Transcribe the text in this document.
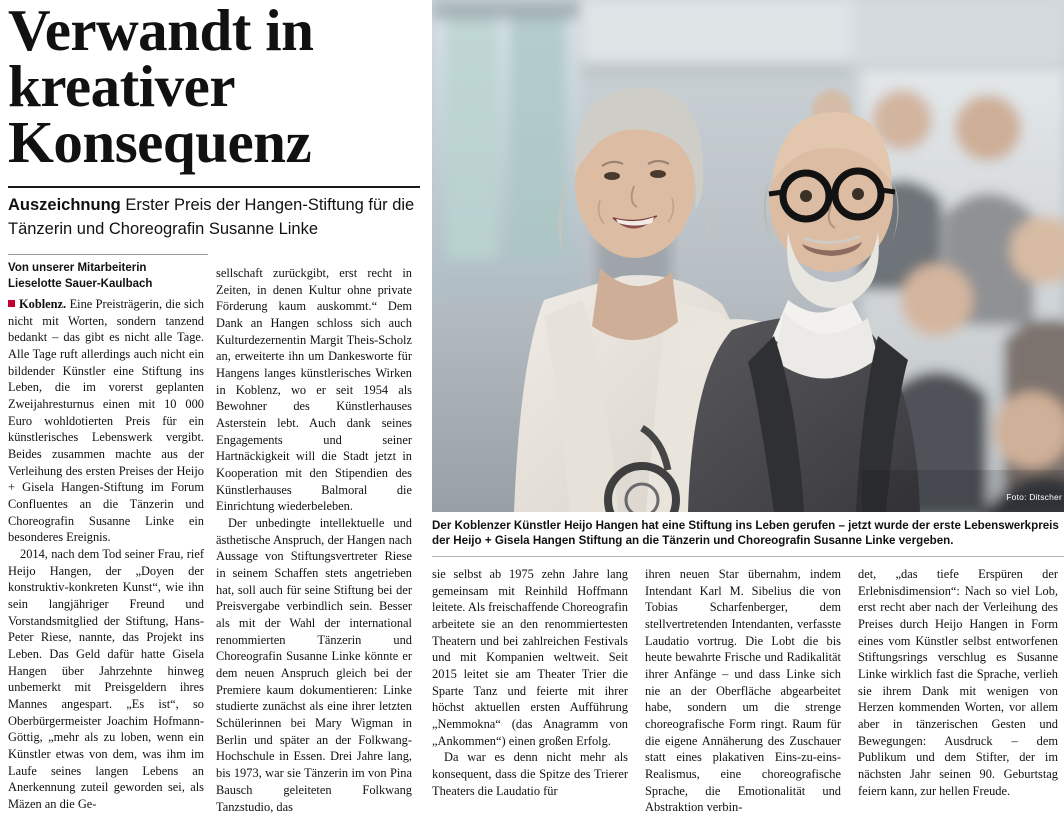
Verwandt in
kreativer
Konsequenz
Auszeichnung Erster Preis der Hangen-Stiftung für die Tänzerin und Choreografin Susanne Linke
Von unserer Mitarbeiterin
Lieselotte Sauer-Kaulbach

Koblenz. Eine Preisträgerin, die sich nicht mit Worten, sondern tanzend bedankt – das gibt es nicht alle Tage. Alle Tage ruft allerdings auch nicht ein bildender Künstler eine Stiftung ins Leben, die im vorerst geplanten Zweijahresturnus einen mit 10 000 Euro wohldotierten Preis für ein künstlerisches Lebenswerk vergibt. Beides zusammen machte aus der Verleihung des ersten Preises der Heijo + Gisela Hangen-Stiftung im Forum Confluentes an die Tänzerin und Choreografin Susanne Linke ein besonderes Ereignis.

2014, nach dem Tod seiner Frau, rief Heijo Hangen, der „Doyen der konstruktiv-konkreten Kunst“, wie ihn sein langjähriger Freund und Vorstandsmitglied der Stiftung, Hans-Peter Riese, nannte, das Projekt ins Leben. Das Geld dafür hatte Gisela Hangen über Jahrzehnte hinweg unbemerkt mit Preisgeldern ihres Mannes angespart. „Es ist“, so Oberbürgermeister Joachim Hofmann-Göttig, „mehr als zu loben, wenn ein Künstler etwas von dem, was ihm im Laufe seines langen Lebens an Anerkennung zuteil geworden sei, als Mäzen an die Ge-

sellschaft zurückgibt, erst recht in Zeiten, in denen Kultur ohne private Förderung kaum auskommt.“ Dem Dank an Hangen schloss sich auch Kulturdezernentin Margit Theis-Scholz an, erweiterte ihn um Dankesworte für Hangens langes künstlerisches Wirken in Koblenz, wo er seit 1954 als Bewohner des Künstlerhauses Asterstein lebt. Auch dank seines Engagements und seiner Hartnäckigkeit will die Stadt jetzt in Kooperation mit den Stipendien des Künstlerhauses Balmoral die Einrichtung wiederbeleben.

Der unbedingte intellektuelle und ästhetische Anspruch, der Hangen nach Aussage von Stiftungsvertreter Riese in seinem Schaffen stets angetrieben hat, soll auch für seine Stiftung bei der Preisvergabe verbindlich sein. Besser als mit der Wahl der international renommierten Tänzerin und Choreografin Susanne Linke könnte er dem neuen Anspruch gleich bei der Premiere kaum dokumentieren: Linke studierte zunächst als eine ihrer letzten Schülerinnen bei Mary Wigman in Berlin und später an der Folkwang-Hochschule in Essen. Drei Jahre lang, bis 1973, war sie Tänzerin im von Pina Bausch geleiteten Folkwang Tanzstudio, das

Foto: Ditscher
Der Koblenzer Künstler Heijo Hangen hat eine Stiftung ins Leben gerufen – jetzt wurde der erste Lebenswerkpreis der Heijo + Gisela Hangen Stiftung an die Tänzerin und Choreografin Susanne Linke vergeben.

sie selbst ab 1975 zehn Jahre lang gemeinsam mit Reinhild Hoffmann leitete. Als freischaffende Choreografin arbeitete sie an den renommiertesten Theatern und bei zahlreichen Festivals und mit Kompanien weltweit. Seit 2015 leitet sie am Theater Trier die Sparte Tanz und feierte mit ihrer höchst aktuellen ersten Aufführung „Nemmokna“ (das Anagramm von „Ankommen“) einen großen Erfolg.

Da war es denn nicht mehr als konsequent, dass die Spitze des Trierer Theaters die Laudatio für

ihren neuen Star übernahm, indem Intendant Karl M. Sibelius die von Tobias Scharfenberger, dem stellvertretenden Intendanten, verfasste Laudatio vortrug. Die Lobt die bis heute bewahrte Frische und Radikalität ihrer Anfänge – und dass Linke sich nie an der Oberfläche abgearbeitet habe, sondern um die strenge choreografische Form ringt. Raum für die eigene Annäherung des Zuschauer statt eines plakativen Eins-zu-eins-Realismus, eine choreografische Sprache, die Emotionalität und Abstraktion verbin-

det, „das tiefe Erspüren der Erlebnisdimension“: Nach so viel Lob, erst recht aber nach der Verleihung des Preises durch Heijo Hangen in Form eines vom Künstler selbst entworfenen Stiftungsrings verschlug es Susanne Linke wirklich fast die Sprache, verlieh sie ihrem Dank mit wenigen von Herzen kommenden Worten, vor allem aber in tänzerischen Gesten und Bewegungen: Ausdruck – dem Publikum und dem Stifter, der im nächsten Jahr seinen 90. Geburtstag feiern kann, zur hellen Freude.
